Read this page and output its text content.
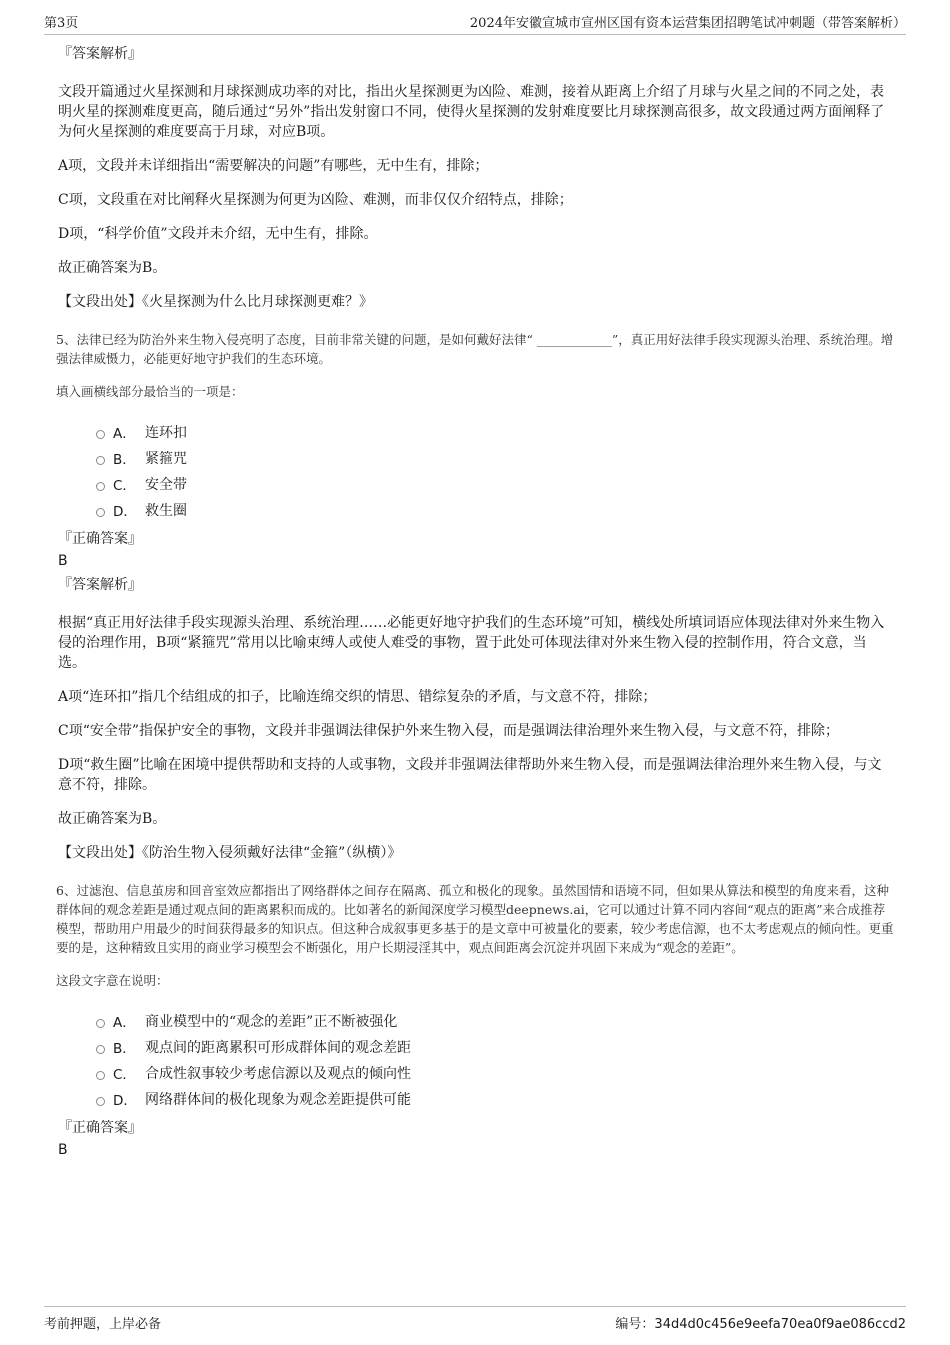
第3页	2024年安徽宣城市宣州区国有资本运营集团招聘笔试冲刺题（带答案解析）
『答案解析』

文段开篇通过火星探测和月球探测成功率的对比，指出火星探测更为凶险、难测，接着从距离上介绍了月球与火星之间的不同之处，表明火星的探测难度更高，随后通过“另外”指出发射窗口不同，使得火星探测的发射难度要比月球探测高很多，故文段通过两方面阐释了为何火星探测的难度要高于月球，对应B项。

A项，文段并未详细指出“需要解决的问题”有哪些，无中生有，排除；

C项，文段重在对比阐释火星探测为何更为凶险、难测，而非仅仅介绍特点，排除；

D项，“科学价值”文段并未介绍，无中生有，排除。

故正确答案为B。

【文段出处】《火星探测为什么比月球探测更难？》

5、法律已经为防治外来生物入侵亮明了态度，目前非常关键的问题，是如何戴好法律“ ____________”，真正用好法律手段实现源头治理、系统治理。增强法律威慑力，必能更好地守护我们的生态环境。

填入画横线部分最恰当的一项是：

A． 连环扣
B． 紧箍咒
C． 安全带
D． 救生圈
『正确答案』
B
『答案解析』

根据“真正用好法律手段实现源头治理、系统治理……必能更好地守护我们的生态环境”可知，横线处所填词语应体现法律对外来生物入侵的治理作用，B项“紧箍咒”常用以比喻束缚人或使人难受的事物，置于此处可体现法律对外来生物入侵的控制作用，符合文意，当选。

A项“连环扣”指几个结组成的扣子，比喻连绵交织的情思、错综复杂的矛盾，与文意不符，排除；

C项“安全带”指保护安全的事物，文段并非强调法律保护外来生物入侵，而是强调法律治理外来生物入侵，与文意不符，排除；

D项“救生圈”比喻在困境中提供帮助和支持的人或事物，文段并非强调法律帮助外来生物入侵，而是强调法律治理外来生物入侵，与文意不符，排除。

故正确答案为B。

【文段出处】《防治生物入侵须戴好法律“金箍”（纵横）》

6、过滤泡、信息茧房和回音室效应都指出了网络群体之间存在隔离、孤立和极化的现象。虽然国情和语境不同，但如果从算法和模型的角度来看，这种群体间的观念差距是通过观点间的距离累积而成的。比如著名的新闻深度学习模型deepnews.ai，它可以通过计算不同内容间“观点的距离”来合成推荐模型，帮助用户用最少的时间获得最多的知识点。但这种合成叙事更多基于的是文章中可被量化的要素，较少考虑信源，也不太考虑观点的倾向性。更重要的是，这种精致且实用的商业学习模型会不断强化，用户长期浸淫其中，观点间距离会沉淀并巩固下来成为“观念的差距”。

这段文字意在说明：

A． 商业模型中的“观念的差距”正不断被强化
B． 观点间的距离累积可形成群体间的观念差距
C． 合成性叙事较少考虑信源以及观点的倾向性
D． 网络群体间的极化现象为观念差距提供可能
『正确答案』
B
考前押题，上岸必备	编号：34d4d0c456e9eefa70ea0f9ae086ccd2
